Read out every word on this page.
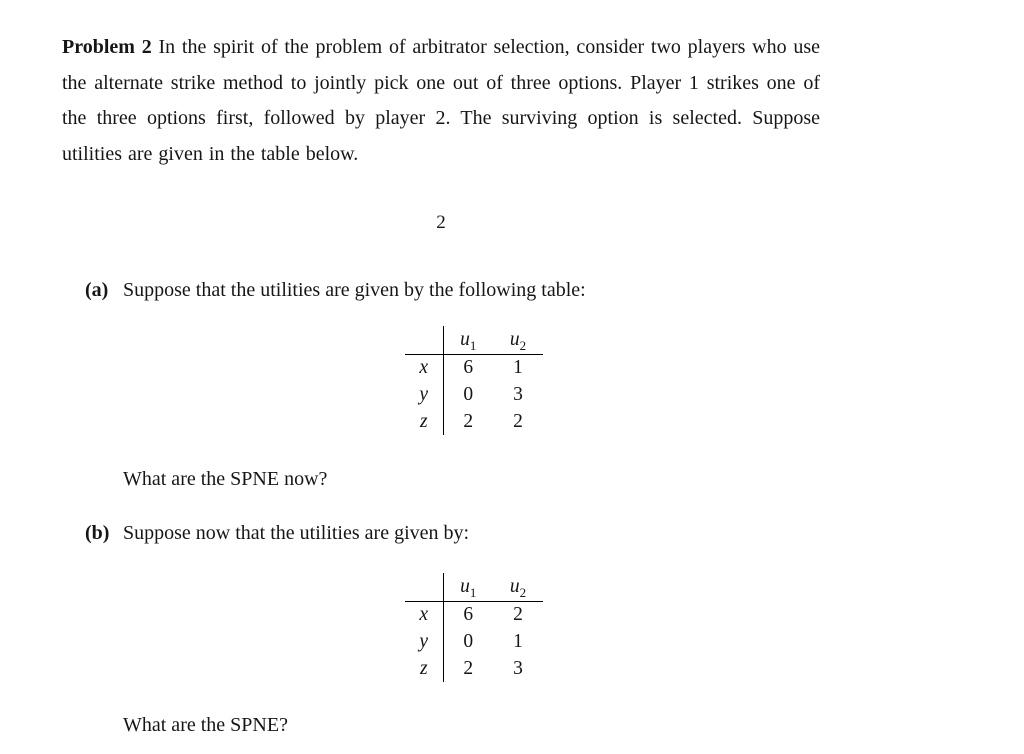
Problem 2 In the spirit of the problem of arbitrator selection, consider two players who use the alternate strike method to jointly pick one out of three options. Player 1 strikes one of the three options first, followed by player 2. The surviving option is selected. Suppose utilities are given in the table below.

2
(a) Suppose that the utilities are given by the following table:
	$u_1$	$u_2$
x	6	1
y	0	3
z	2	2
What are the SPNE now?
(b) Suppose now that the utilities are given by:
	$u_1$	$u_2$
x	6	2
y	0	1
z	2	3
What are the SPNE?
